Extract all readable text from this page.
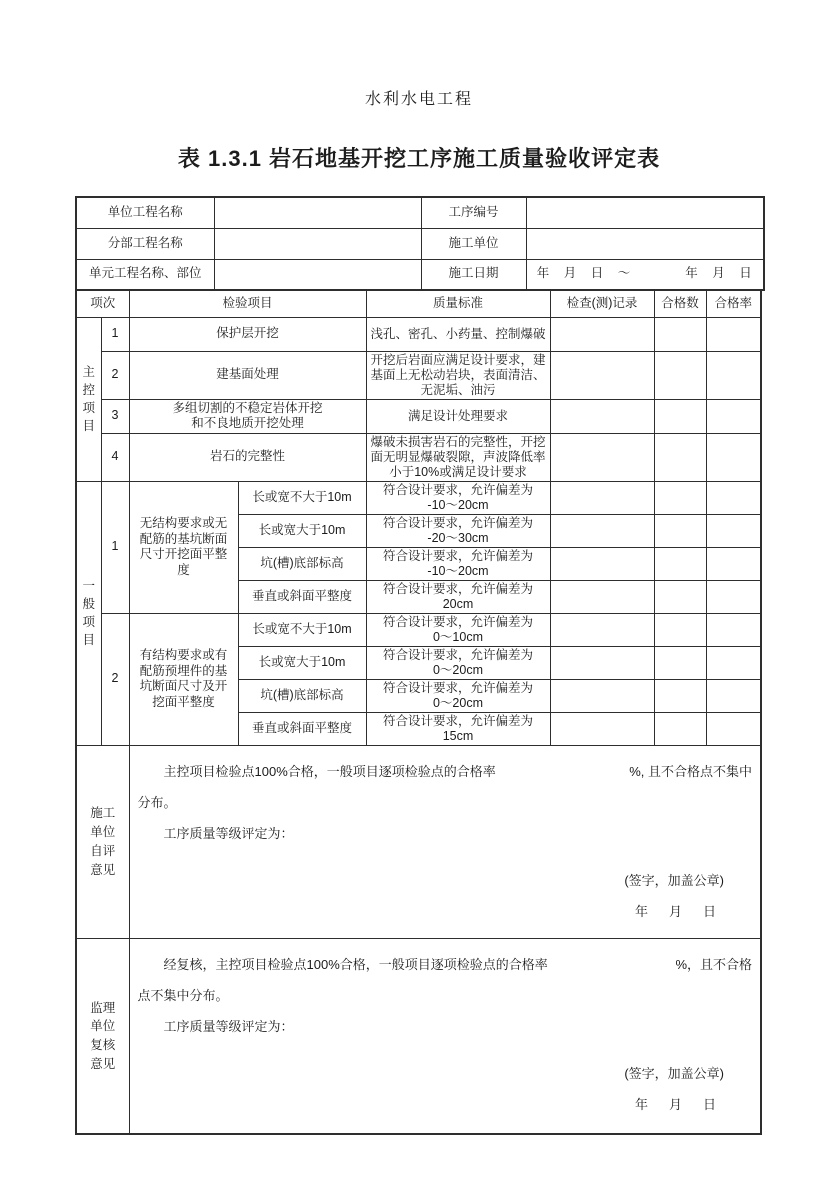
水利水电工程
表 1.3.1 岩石地基开挖工序施工质量验收评定表
单位工程名称		工序编号	
分部工程名称		施工单位	
单元工程名称、部位		施工日期	年　月　日　～　　　　年　月　日
项次		检验项目		质量标准	检查(测)记录	合格数	合格率
主控项目	1	保护层开挖		浅孔、密孔、小药量、控制爆破			
	2	建基面处理		开挖后岩面应满足设计要求，建基面上无松动岩块，表面清洁、无泥垢、油污			
	3	多组切割的不稳定岩体开挖和不良地质开挖处理		满足设计处理要求			
	4	岩石的完整性		爆破未损害岩石的完整性，开挖面无明显爆破裂隙，声波降低率小于10%或满足设计要求			
一般项目	1	无结构要求或无配筋的基坑断面尺寸开挖面平整度	长或宽不大于10m	符合设计要求，允许偏差为
-10～20cm			

			长或宽大于10m	符合设计要求，允许偏差为
-20～30cm			

			坑(槽)底部标高	符合设计要求，允许偏差为
-10～20cm			

			垂直或斜面平整度	符合设计要求，允许偏差为
20cm			

	2	有结构要求或有配筋预埋件的基坑断面尺寸及开挖面平整度	长或宽不大于10m	符合设计要求，允许偏差为
0～10cm			

			长或宽大于10m	符合设计要求，允许偏差为
0～20cm			

			坑(槽)底部标高	符合设计要求，允许偏差为
0～20cm			

			垂直或斜面平整度	符合设计要求，允许偏差为
15cm			

施工单位自评意见	
主控项目检验点100%合格，一般项目逐项检验点的合格率	%, 且不合格点不集中
分布。
工序质量等级评定为：
(签字，加盖公章)
年　月　日

监理单位复核意见	
经复核，主控项目检验点100%合格，一般项目逐项检验点的合格率	%，且不合格
点不集中分布。
工序质量等级评定为：
(签字，加盖公章)
年　月　日
